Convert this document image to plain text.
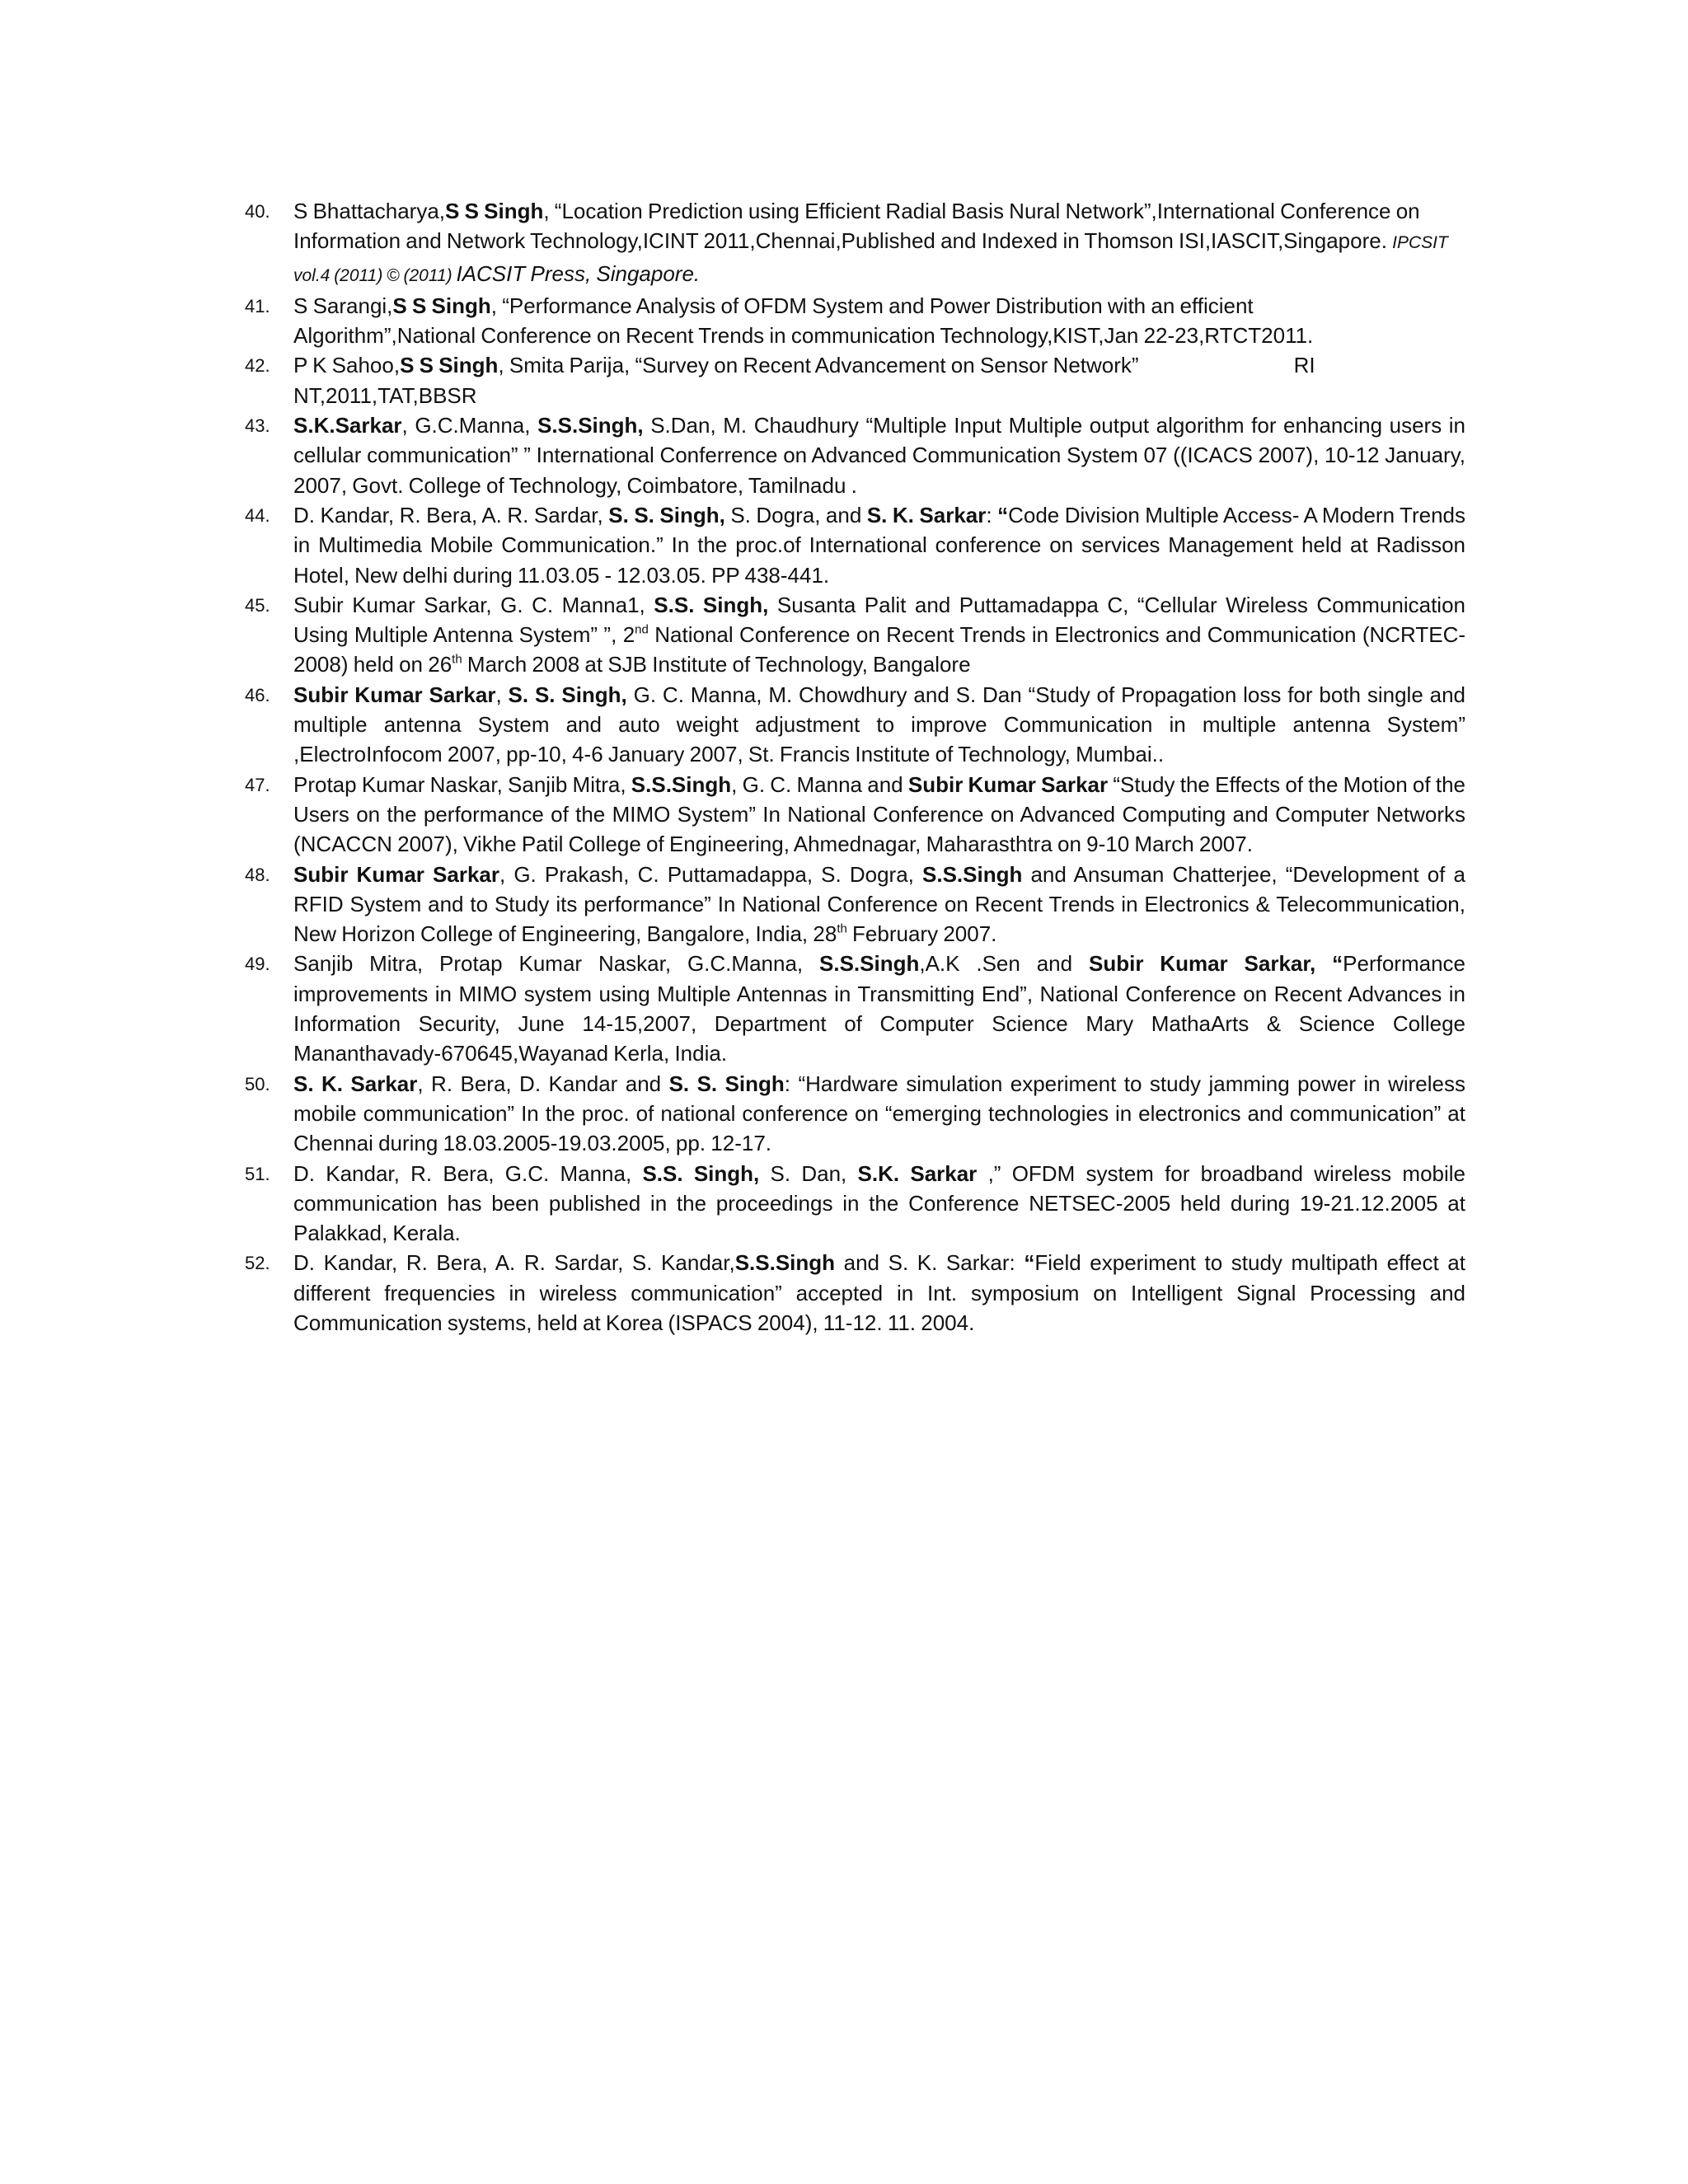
40.	S Bhattacharya,S S Singh, “Location Prediction using Efficient Radial Basis Nural Network”,International Conference on Information and Network Technology,ICINT 2011,Chennai,Published and Indexed in Thomson ISI,IASCIT,Singapore. IPCSIT vol.4 (2011) © (2011) IACSIT Press, Singapore.
41.	S Sarangi,S S Singh, “Performance Analysis of OFDM System and Power Distribution with an efficient
Algorithm”,National Conference on Recent Trends in communication Technology,KIST,Jan 22-23,RTCT2011.
42.	P K Sahoo,S S Singh, Smita Parija, “Survey on Recent Advancement on Sensor Network”	RI
NT,2011,TAT,BBSR
43.	S.K.Sarkar, G.C.Manna, S.S.Singh, S.Dan, M. Chaudhury “Multiple Input Multiple output algorithm for enhancing users in cellular communication” ” International Conferrence on Advanced Communication System 07 ((ICACS 2007), 10-12 January, 2007, Govt. College of Technology, Coimbatore, Tamilnadu .
44.	D. Kandar, R. Bera, A. R. Sardar, S. S. Singh, S. Dogra, and S. K. Sarkar: “Code Division Multiple Access- A Modern Trends in Multimedia Mobile Communication.” In the proc.of International conference on services Management held at Radisson Hotel, New delhi during 11.03.05 - 12.03.05. PP 438-441.
45.	Subir Kumar Sarkar, G. C. Manna1, S.S. Singh, Susanta Palit and Puttamadappa C, “Cellular Wireless Communication Using Multiple Antenna System” ”, 2nd National Conference on Recent Trends in Electronics and Communication (NCRTEC-2008) held on 26th March 2008 at SJB Institute of Technology, Bangalore
46.	Subir Kumar Sarkar, S. S. Singh, G. C. Manna, M. Chowdhury and S. Dan “Study of Propagation loss for both single and multiple antenna System and auto weight adjustment to improve Communication in multiple antenna System” ,ElectroInfocom 2007, pp-10, 4-6 January 2007, St. Francis Institute of Technology, Mumbai..
47.	Protap Kumar Naskar, Sanjib Mitra, S.S.Singh, G. C. Manna and Subir Kumar Sarkar “Study the Effects of the Motion of the Users on the performance of the MIMO System” In National Conference on Advanced Computing and Computer Networks (NCACCN 2007), Vikhe Patil College of Engineering, Ahmednagar, Maharasthtra on 9-10 March 2007.
48.	Subir Kumar Sarkar, G. Prakash, C. Puttamadappa, S. Dogra, S.S.Singh and Ansuman Chatterjee, “Development of a RFID System and to Study its performance” In National Conference on Recent Trends in Electronics & Telecommunication, New Horizon College of Engineering, Bangalore, India, 28th February 2007.
49.	Sanjib Mitra, Protap Kumar Naskar, G.C.Manna, S.S.Singh,A.K .Sen and Subir Kumar Sarkar, “Performance improvements in MIMO system using Multiple Antennas in Transmitting End”, National Conference on Recent Advances in Information Security, June 14-15,2007, Department of Computer Science Mary MathaArts & Science College Mananthavady-670645,Wayanad Kerla, India.
50.	S. K. Sarkar, R. Bera, D. Kandar and S. S. Singh: “Hardware simulation experiment to study jamming power in wireless mobile communication” In the proc. of national conference on “emerging technologies in electronics and communication” at Chennai during 18.03.2005-19.03.2005, pp. 12-17.
51.	D. Kandar, R. Bera, G.C. Manna, S.S. Singh, S. Dan, S.K. Sarkar ,” OFDM system for broadband wireless mobile communication has been published in the proceedings in the Conference NETSEC-2005 held during 19-21.12.2005 at Palakkad, Kerala.
52.	D. Kandar, R. Bera, A. R. Sardar, S. Kandar,S.S.Singh and S. K. Sarkar: “Field experiment to study multipath effect at different frequencies in wireless communication” accepted in Int. symposium on Intelligent Signal Processing and Communication systems, held at Korea (ISPACS 2004), 11-12. 11. 2004.
